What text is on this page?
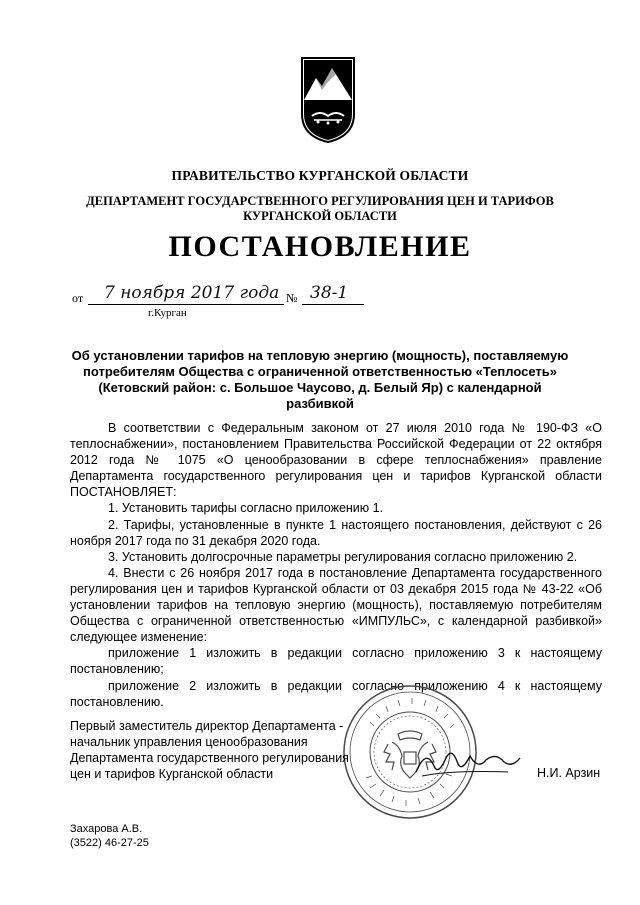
ПРАВИТЕЛЬСТВО КУРГАНСКОЙ ОБЛАСТИ
ДЕПАРТАМЕНТ ГОСУДАРСТВЕННОГО РЕГУЛИРОВАНИЯ ЦЕН И ТАРИФОВ
КУРГАНСКОЙ ОБЛАСТИ
ПОСТАНОВЛЕНИЕ
от 7 ноября 2017 года № 38-1
г.Курган
Об установлении тарифов на тепловую энергию (мощность), поставляемую
потребителям Общества с ограниченной ответственностью «Теплосеть»
(Кетовский район: с. Большое Чаусово, д. Белый Яр) с календарной разбивкой

В соответствии с Федеральным законом от 27 июля 2010 года № 190-ФЗ «О теплоснабжении», постановлением Правительства Российской Федерации от 22 октября 2012 года № 1075 «О ценообразовании в сфере теплоснабжения» правление Департамента государственного регулирования цен и тарифов Курганской области ПОСТАНОВЛЯЕТ:

1. Установить тарифы согласно приложению 1.

2. Тарифы, установленные в пункте 1 настоящего постановления, действуют с 26 ноября 2017 года по 31 декабря 2020 года.

3. Установить долгосрочные параметры регулирования согласно приложению 2.

4. Внести с 26 ноября 2017 года в постановление Департамента государственного регулирования цен и тарифов Курганской области от 03 декабря 2015 года № 43-22 «Об установлении тарифов на тепловую энергию (мощность), поставляемую потребителям Общества с ограниченной ответственностью «ИМПУЛЬС», с календарной разбивкой» следующее изменение:

приложение 1 изложить в редакции согласно приложению 3 к настоящему постановлению;

приложение 2 изложить в редакции согласно приложению 4 к настоящему постановлению.

Первый заместитель директор Департамента -
начальник управления ценообразования
Департамента государственного регулирования
цен и тарифов Курганской области	Н.И. Арзин
Захарова А.В.
(3522) 46-27-25
